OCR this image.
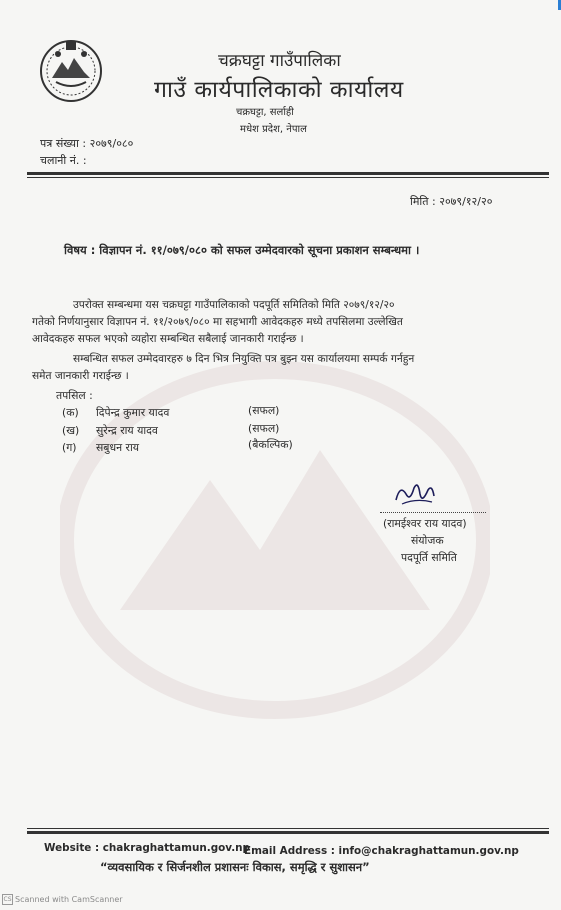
चक्रघट्टा गाउँपालिका
गाउँ कार्यपालिकाको कार्यालय
चक्रघट्टा, सर्लाही
मधेश प्रदेश, नेपाल
पत्र संख्या : २०७९/०८०
चलानी नं. :
मिति : २०७९/१२/२०
विषय : विज्ञापन नं. ११/०७९/०८० को सफल उम्मेदवारको सूचना प्रकाशन सम्बन्धमा ।
उपरोक्त सम्बन्धमा यस चक्रघट्टा गाउँपालिकाको पदपूर्ति समितिको मिति २०७९/१२/२०
गतेको निर्णयानुसार विज्ञापन नं. ११/२०७९/०८० मा सहभागी आवेदकहरु मध्ये तपसिलमा उल्लेखित
आवेदकहरु सफल भएको व्यहोरा सम्बन्धित सबैलाई जानकारी गराईन्छ ।
सम्बन्धित सफल उम्मेदवारहरु ७ दिन भित्र नियुक्ति पत्र बुझ्न यस कार्यालयमा सम्पर्क गर्नहुन
समेत जानकारी गराईन्छ ।
तपसिल :
(क) दिपेन्द्र कुमार यादव	(सफल)
(ख) सुरेन्द्र राय यादव	(सफल)
(ग) सबुधन राय	(बैकल्पिक)
(रामईश्वर राय यादव)
संयोजक
पदपूर्ति समिति
Website : chakraghattamun.gov.np
Email Address : info@chakraghattamun.gov.np
“व्यवसायिक र सिर्जनशील प्रशासनः विकास, समृद्धि र सुशासन”
CS Scanned with CamScanner
